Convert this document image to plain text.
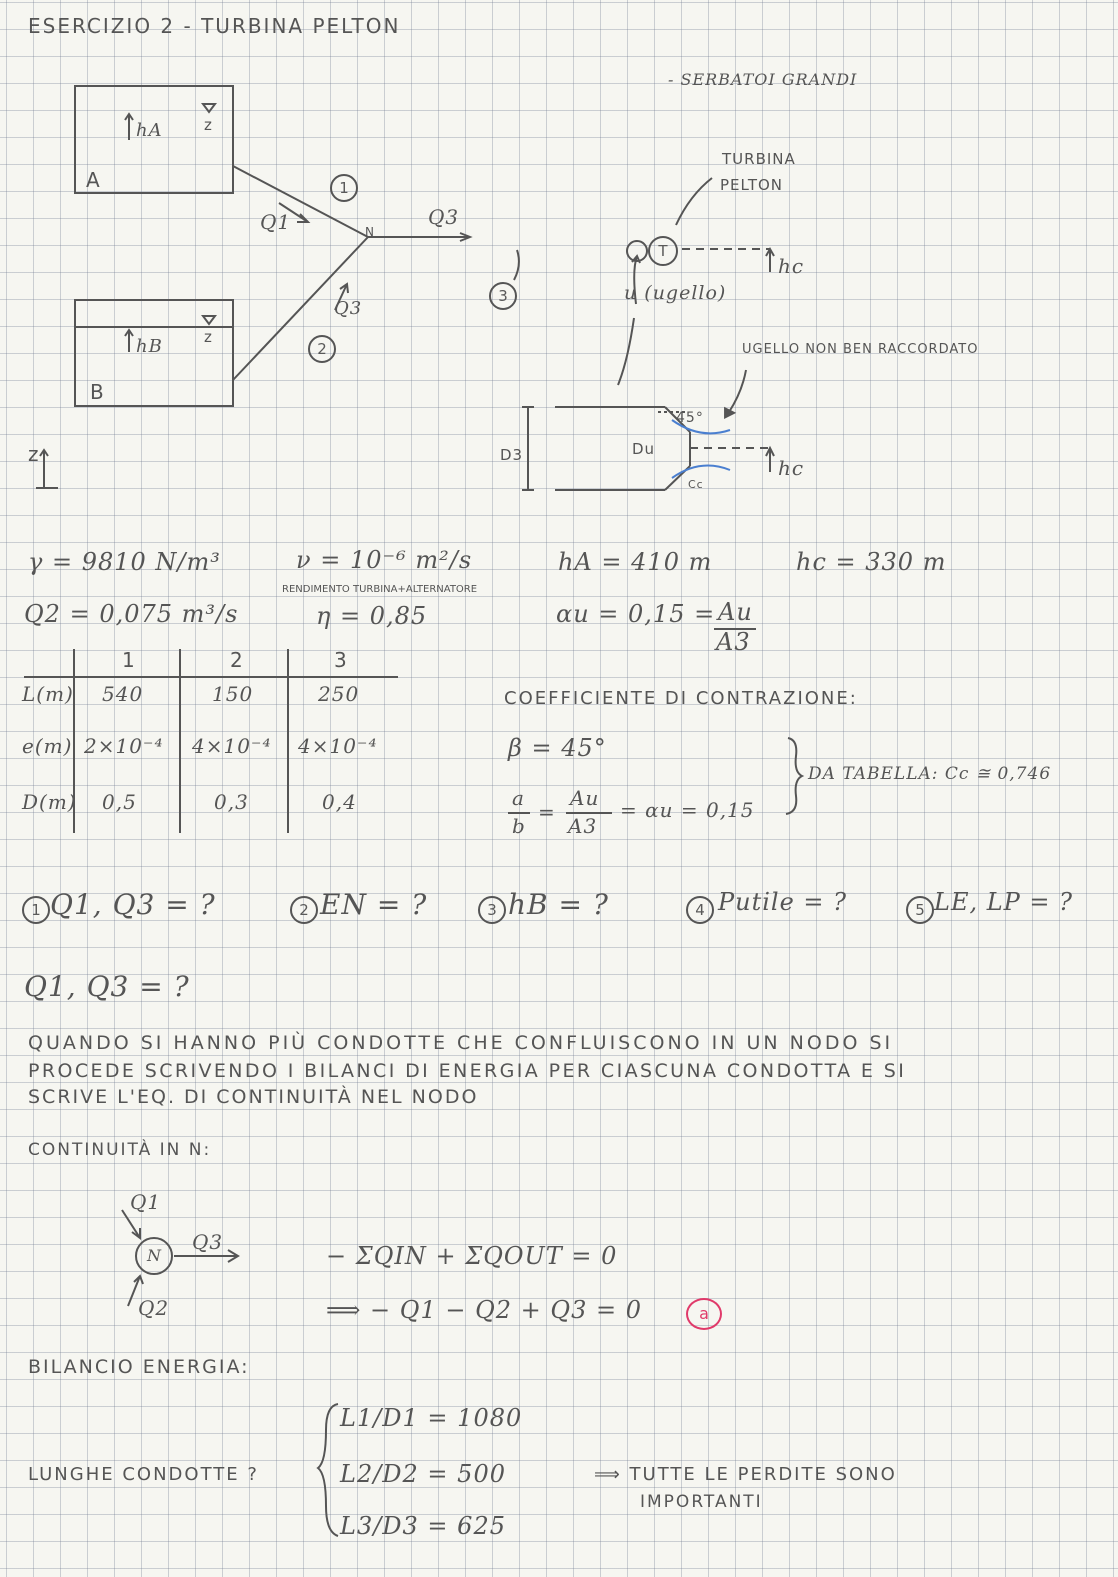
ESERCIZIO 2 - TURBINA PELTON
- SERBATOI GRANDI
A
B
hA
hB
z
z
z
Q1
Q3
Q3
N
1
2
3
TURBINA
PELTON
T
hc
u (ugello)
UGELLO NON BEN RACCORDATO
45° ▶
D3	Du
hc
Cc
γ = 9810 N/m³	ν = 10⁻⁶ m²/s	hA = 410 m	hc = 330 m
Q2 = 0,075 m³/s
RENDIMENTO TURBINA+ALTERNATORE
η = 0,85	αu = 0,15 = Au
A3
1	2	3
L(m) 540	150	250
e(m) 2×10⁻⁴ 4×10⁻⁴ 4×10⁻⁴
D(m) 0,5	0,3	0,4
COEFFICIENTE DI CONTRAZIONE:
β = 45°
a
b
=
Au
A3
= αu = 0,15
DA TABELLA: Cc ≅ 0,746
1 Q1, Q3 = ?	2 EN = ?	3 hB = ?	4 Putile = ?	5 LE, LP = ?
Q1, Q3 = ?
QUANDO SI HANNO PIÙ CONDOTTE CHE CONFLUISCONO IN UN NODO SI
PROCEDE SCRIVENDO I BILANCI DI ENERGIA PER CIASCUNA CONDOTTA E SI
SCRIVE L'EQ. DI CONTINUITÀ NEL NODO
CONTINUITÀ IN N:
Q1
N
Q3
Q2
− ΣQIN + ΣQOUT = 0
⟹ − Q1 − Q2 + Q3 = 0	a
BILANCIO ENERGIA:
LUNGHE CONDOTTE ?
L1/D1 = 1080
L2/D2 = 500
L3/D3 = 625
⟹ TUTTE LE PERDITE SONO
IMPORTANTI
